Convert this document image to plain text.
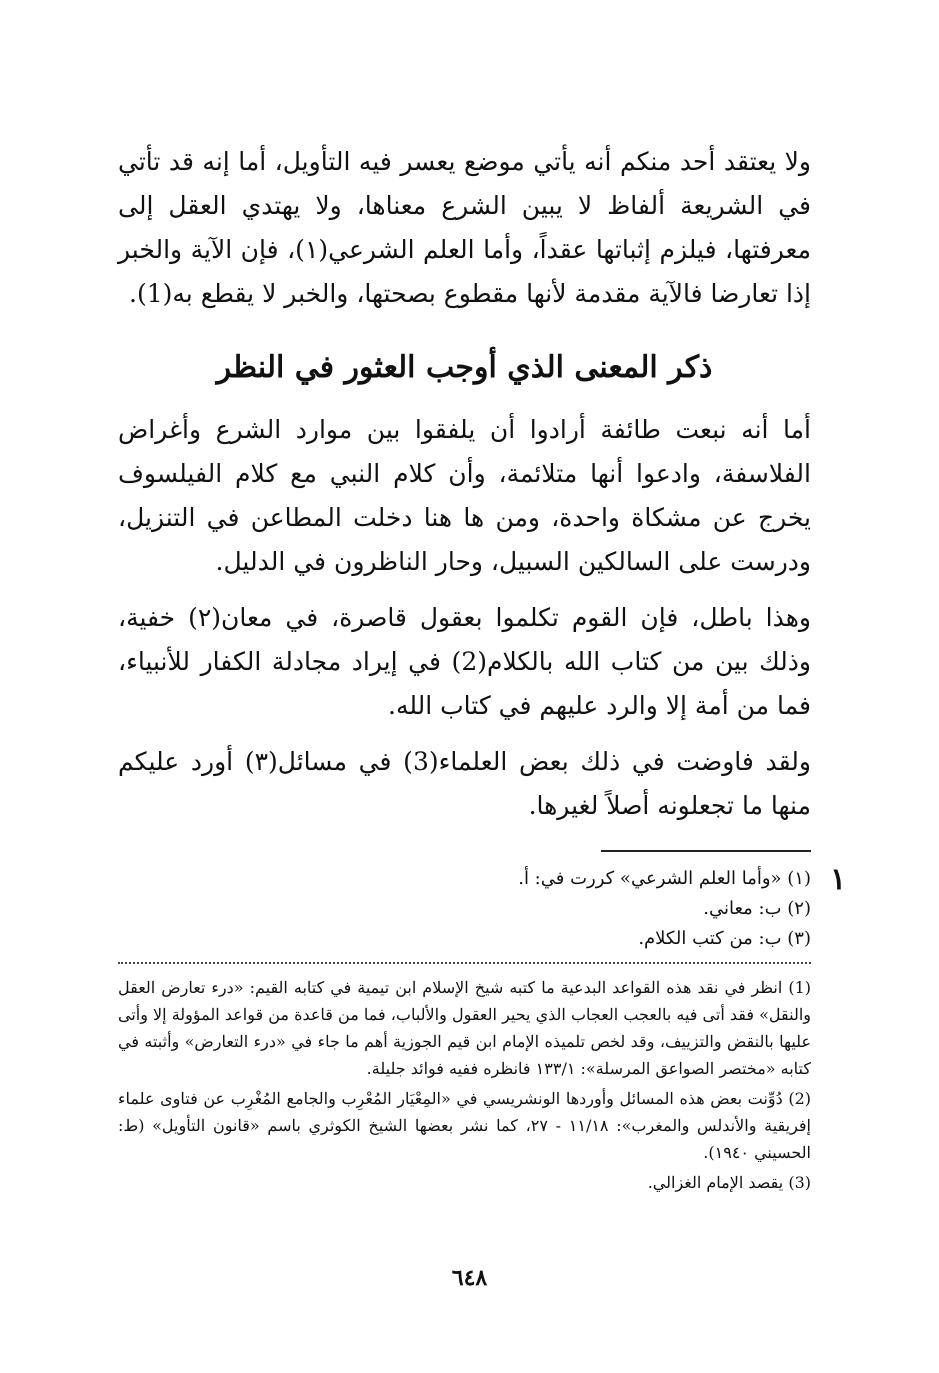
ولا يعتقد أحد منكم أنه يأتي موضع يعسر فيه التأويل، أما إنه قد تأتي في الشريعة ألفاظ لا يبين الشرع معناها، ولا يهتدي العقل إلى معرفتها، فيلزم إثباتها عقداً، وأما العلم الشرعي(١)، فإن الآية والخبر إذا تعارضا فالآية مقدمة لأنها مقطوع بصحتها، والخبر لا يقطع به(1).

ذكر المعنى الذي أوجب العثور في النظر

أما أنه نبعت طائفة أرادوا أن يلفقوا بين موارد الشرع وأغراض الفلاسفة، وادعوا أنها متلائمة، وأن كلام النبي مع كلام الفيلسوف يخرج عن مشكاة واحدة، ومن ها هنا دخلت المطاعن في التنزيل، ودرست على السالكين السبيل، وحار الناظرون في الدليل.

وهذا باطل، فإن القوم تكلموا بعقول قاصرة، في معان(٢) خفية، وذلك بين من كتاب الله بالكلام(2) في إيراد مجادلة الكفار للأنبياء، فما من أمة إلا والرد عليهم في كتاب الله.

ولقد فاوضت في ذلك بعض العلماء(3) في مسائل(٣) أورد عليكم منها ما تجعلونه أصلاً لغيرها.

(١) «وأما العلم الشرعي» كررت في: أ.

(٢) ب: معاني.

(٣) ب: من كتب الكلام.

(1) انظر في نقد هذه القواعد البدعية ما كتبه شيخ الإسلام ابن تيمية في كتابه القيم: «درء تعارض العقل والنقل» فقد أتى فيه بالعجب العجاب الذي يحير العقول والألباب، فما من قاعدة من قواعد المؤولة إلا وأتى عليها بالنقض والتزييف، وقد لخص تلميذه الإمام ابن قيم الجوزية أهم ما جاء في «درء التعارض» وأثبته في كتابه «مختصر الصواعق المرسلة»: ١٣٣/١ فانظره ففيه فوائد جليلة.

(2) دُوِّنت بعض هذه المسائل وأوردها الونشريسي في «المِعْيَار المُعْرِب والجامع المُغْرِب عن فتاوى علماء إفريقية والأندلس والمغرب»: ١١/١٨ - ٢٧، كما نشر بعضها الشيخ الكوثري باسم «قانون التأويل» (ط: الحسيني ١٩٤٠).

(3) يقصد الإمام الغزالي.

١
٦٤٨
